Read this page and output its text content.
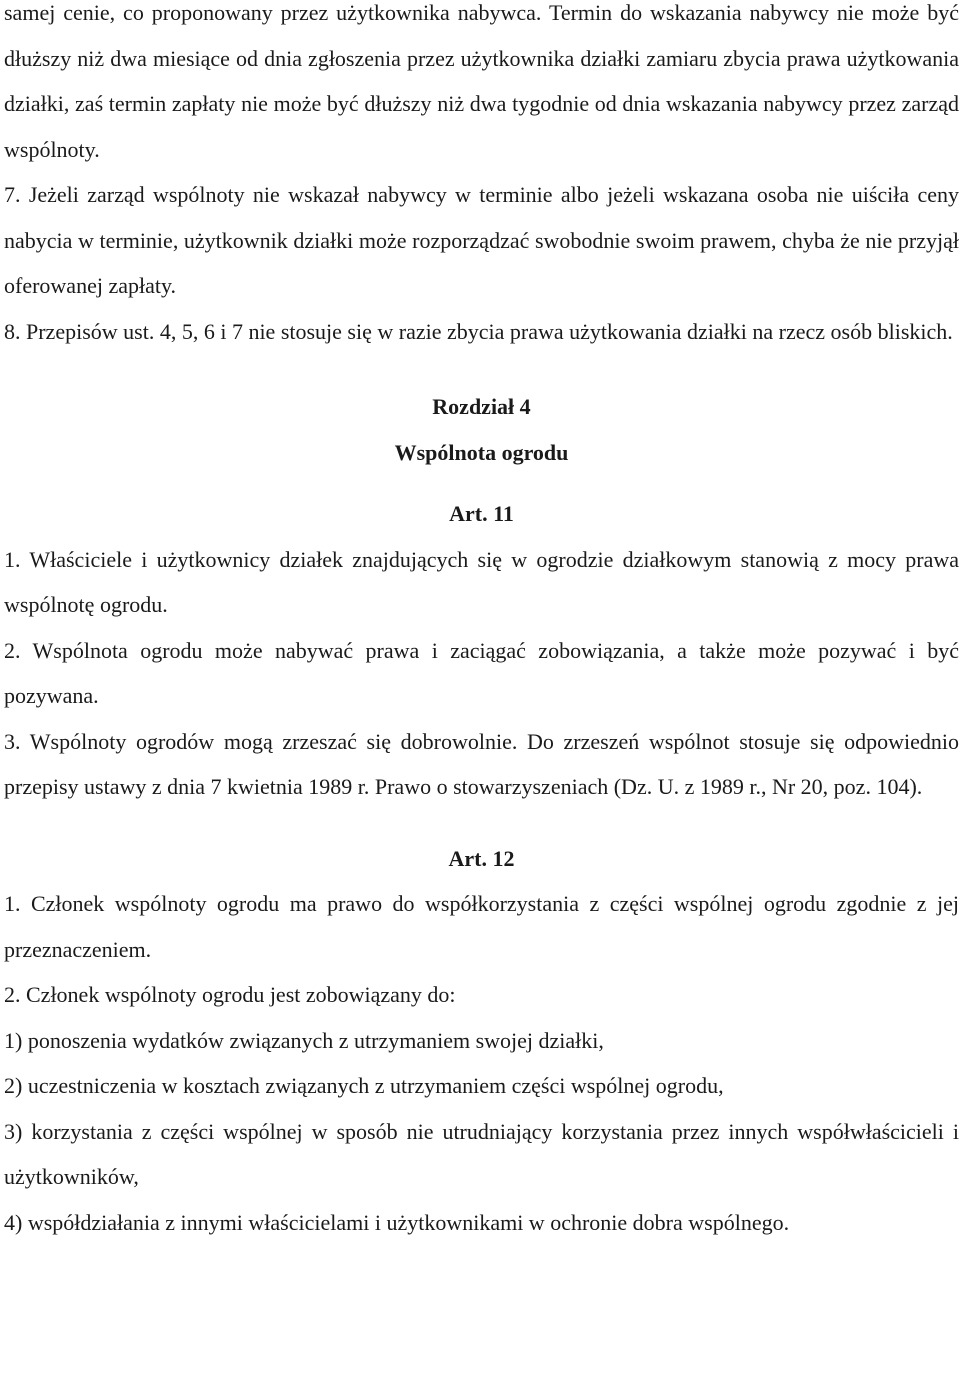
samej cenie, co proponowany przez użytkownika nabywca. Termin do wskazania nabywcy nie może być dłuższy niż dwa miesiące od dnia zgłoszenia przez użytkownika działki zamiaru zbycia prawa użytkowania działki, zaś termin zapłaty nie może być dłuższy niż dwa tygodnie od dnia wskazania nabywcy przez zarząd wspólnoty.

7. Jeżeli zarząd wspólnoty nie wskazał nabywcy w terminie albo jeżeli wskazana osoba nie uiściła ceny nabycia w terminie, użytkownik działki może rozporządzać swobodnie swoim prawem, chyba że nie przyjął oferowanej zapłaty.

8. Przepisów ust. 4, 5, 6 i 7 nie stosuje się w razie zbycia prawa użytkowania działki na rzecz osób bliskich.

Rozdział 4

Wspólnota ogrodu

Art. 11

1. Właściciele i użytkownicy działek znajdujących się w ogrodzie działkowym stanowią z mocy prawa wspólnotę ogrodu.

2. Wspólnota ogrodu może nabywać prawa i zaciągać zobowiązania, a także może pozywać i być pozywana.

3. Wspólnoty ogrodów mogą zrzeszać się dobrowolnie. Do zrzeszeń wspólnot stosuje się odpowiednio przepisy ustawy z dnia 7 kwietnia 1989 r. Prawo o stowarzyszeniach (Dz. U. z 1989 r., Nr 20, poz. 104).

Art. 12

1. Członek wspólnoty ogrodu ma prawo do współkorzystania z części wspólnej ogrodu zgodnie z jej przeznaczeniem.

2. Członek wspólnoty ogrodu jest zobowiązany do:

1) ponoszenia wydatków związanych z utrzymaniem swojej działki,

2) uczestniczenia w kosztach związanych z utrzymaniem części wspólnej ogrodu,

3) korzystania z części wspólnej w sposób nie utrudniający korzystania przez innych współwłaścicieli i użytkowników,

4) współdziałania z innymi właścicielami i użytkownikami w ochronie dobra wspólnego.
